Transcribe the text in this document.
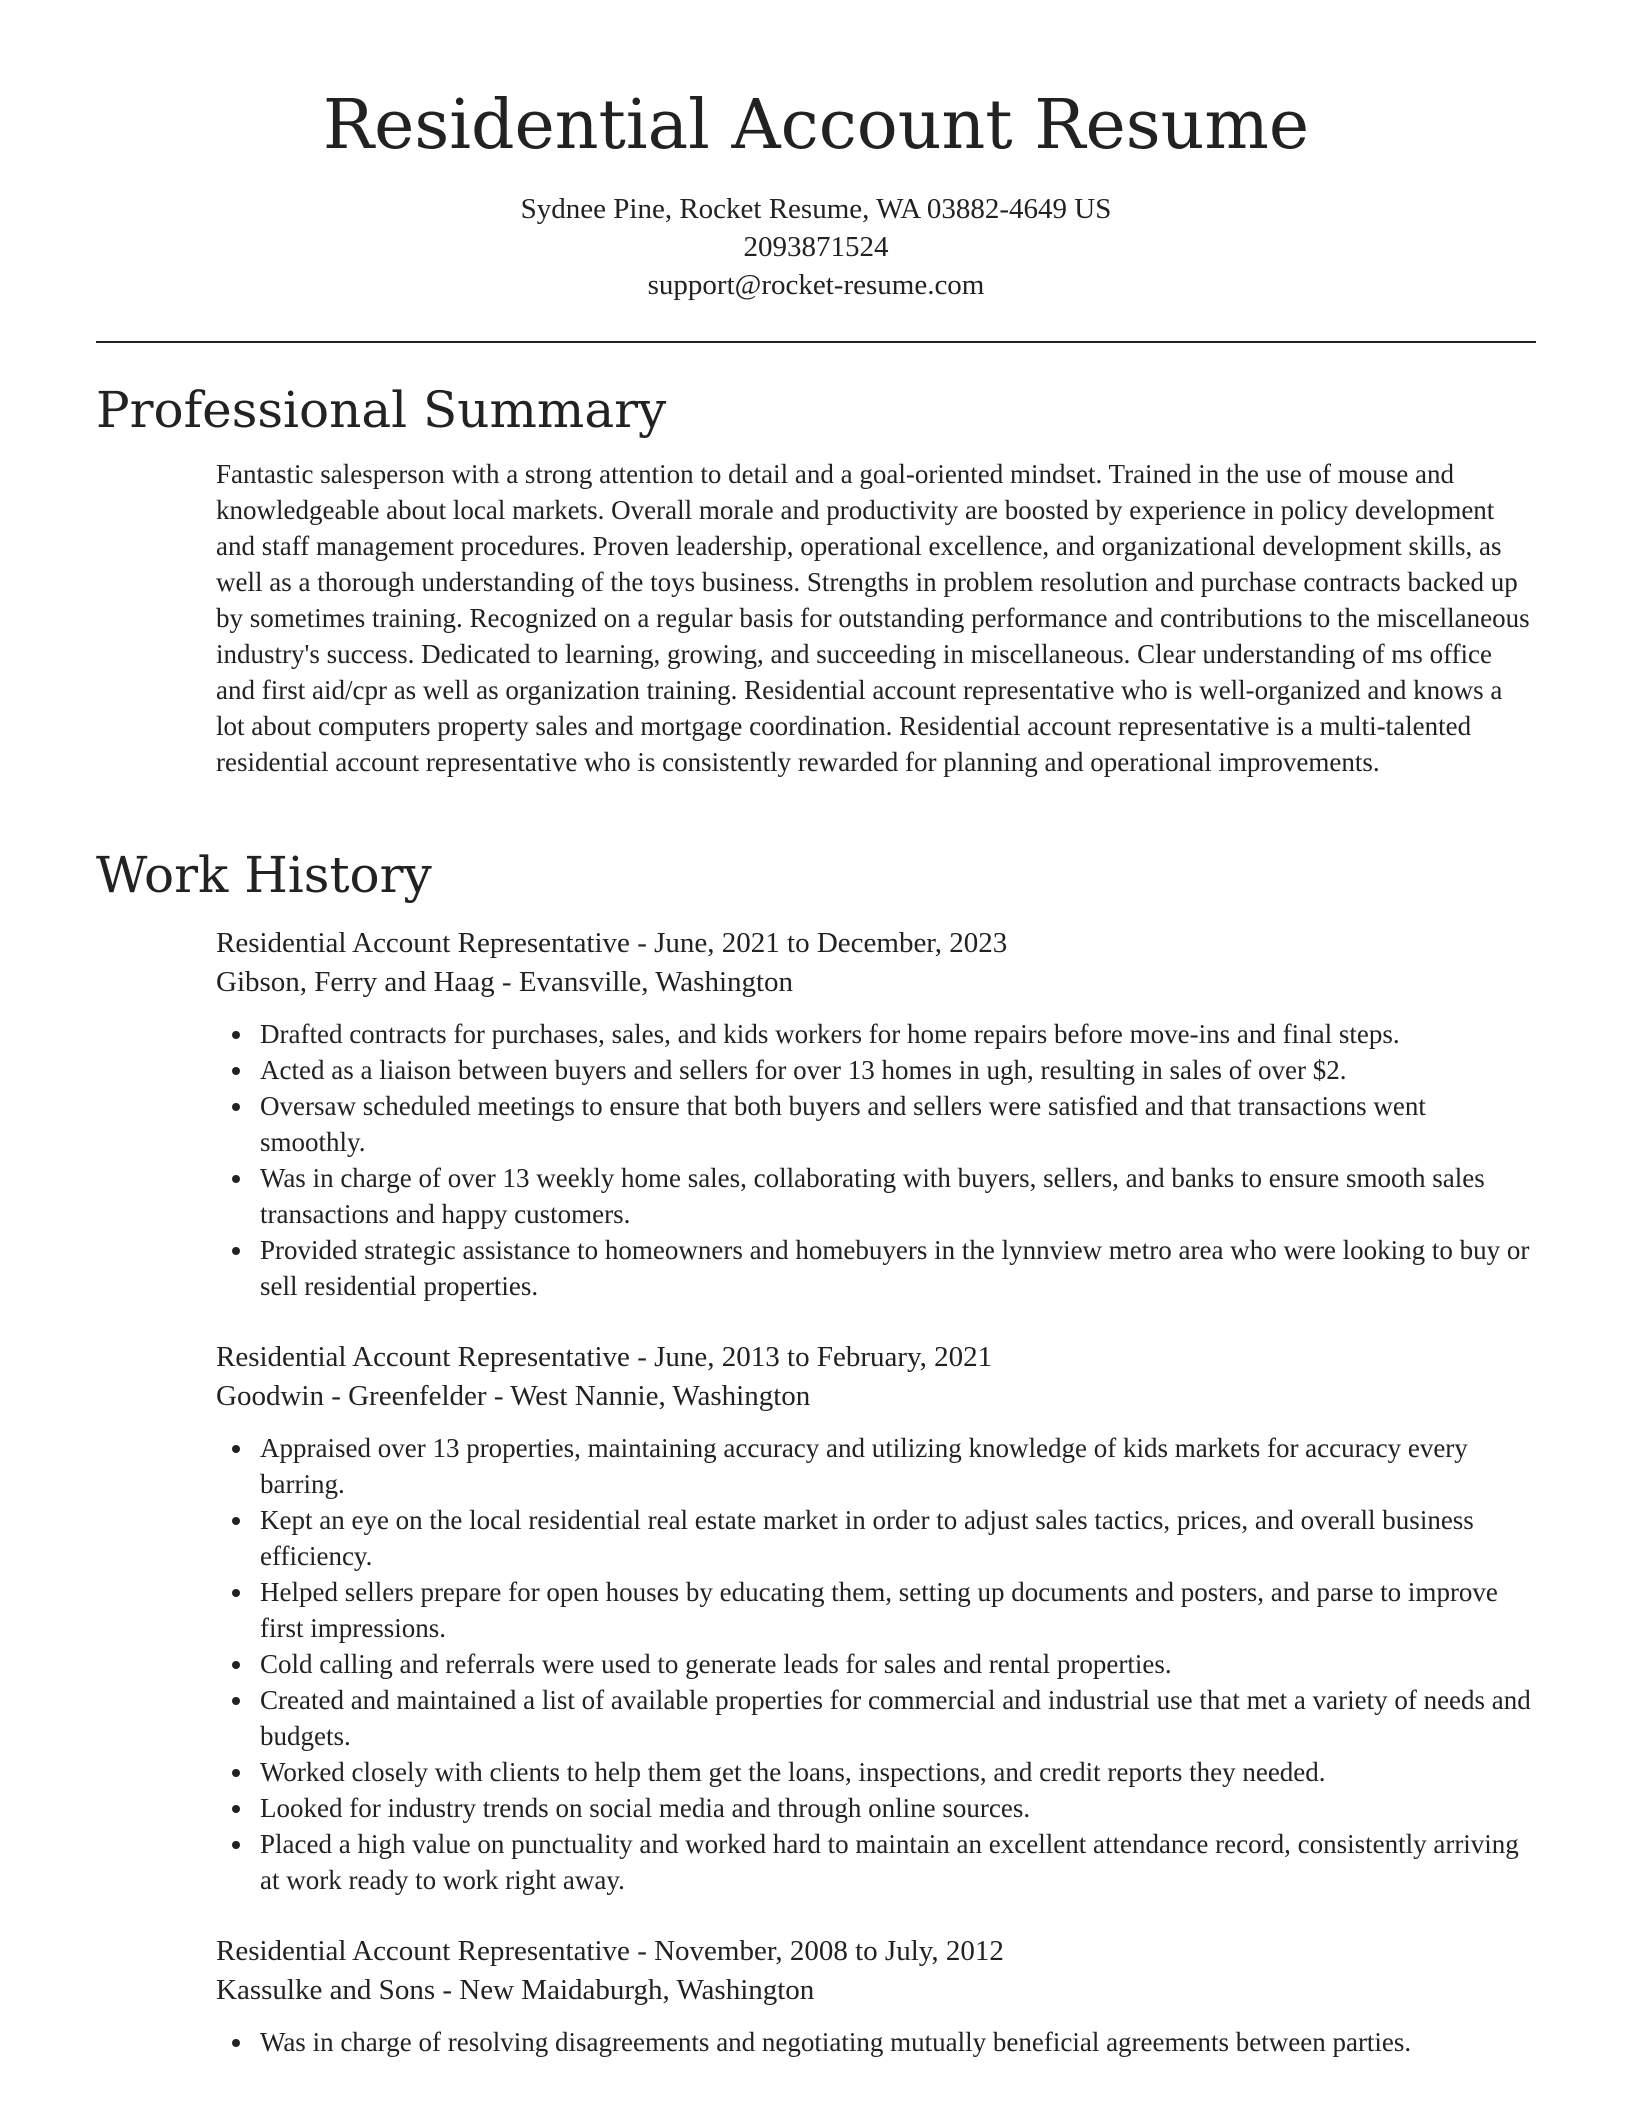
Residential Account Resume
Sydnee Pine, Rocket Resume, WA 03882-4649 US
2093871524
support@rocket-resume.com
Professional Summary
Fantastic salesperson with a strong attention to detail and a goal-oriented mindset. Trained in the use of mouse and knowledgeable about local markets. Overall morale and productivity are boosted by experience in policy development and staff management procedures. Proven leadership, operational excellence, and organizational development skills, as well as a thorough understanding of the toys business. Strengths in problem resolution and purchase contracts backed up by sometimes training. Recognized on a regular basis for outstanding performance and contributions to the miscellaneous industry's success. Dedicated to learning, growing, and succeeding in miscellaneous. Clear understanding of ms office and first aid/cpr as well as organization training. Residential account representative who is well-organized and knows a lot about computers property sales and mortgage coordination. Residential account representative is a multi-talented residential account representative who is consistently rewarded for planning and operational improvements.
Work History
Residential Account Representative - June, 2021 to December, 2023
Gibson, Ferry and Haag - Evansville, Washington
Drafted contracts for purchases, sales, and kids workers for home repairs before move-ins and final steps.
Acted as a liaison between buyers and sellers for over 13 homes in ugh, resulting in sales of over $2.
Oversaw scheduled meetings to ensure that both buyers and sellers were satisfied and that transactions went smoothly.
Was in charge of over 13 weekly home sales, collaborating with buyers, sellers, and banks to ensure smooth sales transactions and happy customers.
Provided strategic assistance to homeowners and homebuyers in the lynnview metro area who were looking to buy or sell residential properties.
Residential Account Representative - June, 2013 to February, 2021
Goodwin - Greenfelder - West Nannie, Washington
Appraised over 13 properties, maintaining accuracy and utilizing knowledge of kids markets for accuracy every barring.
Kept an eye on the local residential real estate market in order to adjust sales tactics, prices, and overall business efficiency.
Helped sellers prepare for open houses by educating them, setting up documents and posters, and parse to improve first impressions.
Cold calling and referrals were used to generate leads for sales and rental properties.
Created and maintained a list of available properties for commercial and industrial use that met a variety of needs and budgets.
Worked closely with clients to help them get the loans, inspections, and credit reports they needed.
Looked for industry trends on social media and through online sources.
Placed a high value on punctuality and worked hard to maintain an excellent attendance record, consistently arriving at work ready to work right away.
Residential Account Representative - November, 2008 to July, 2012
Kassulke and Sons - New Maidaburgh, Washington
Was in charge of resolving disagreements and negotiating mutually beneficial agreements between parties.
